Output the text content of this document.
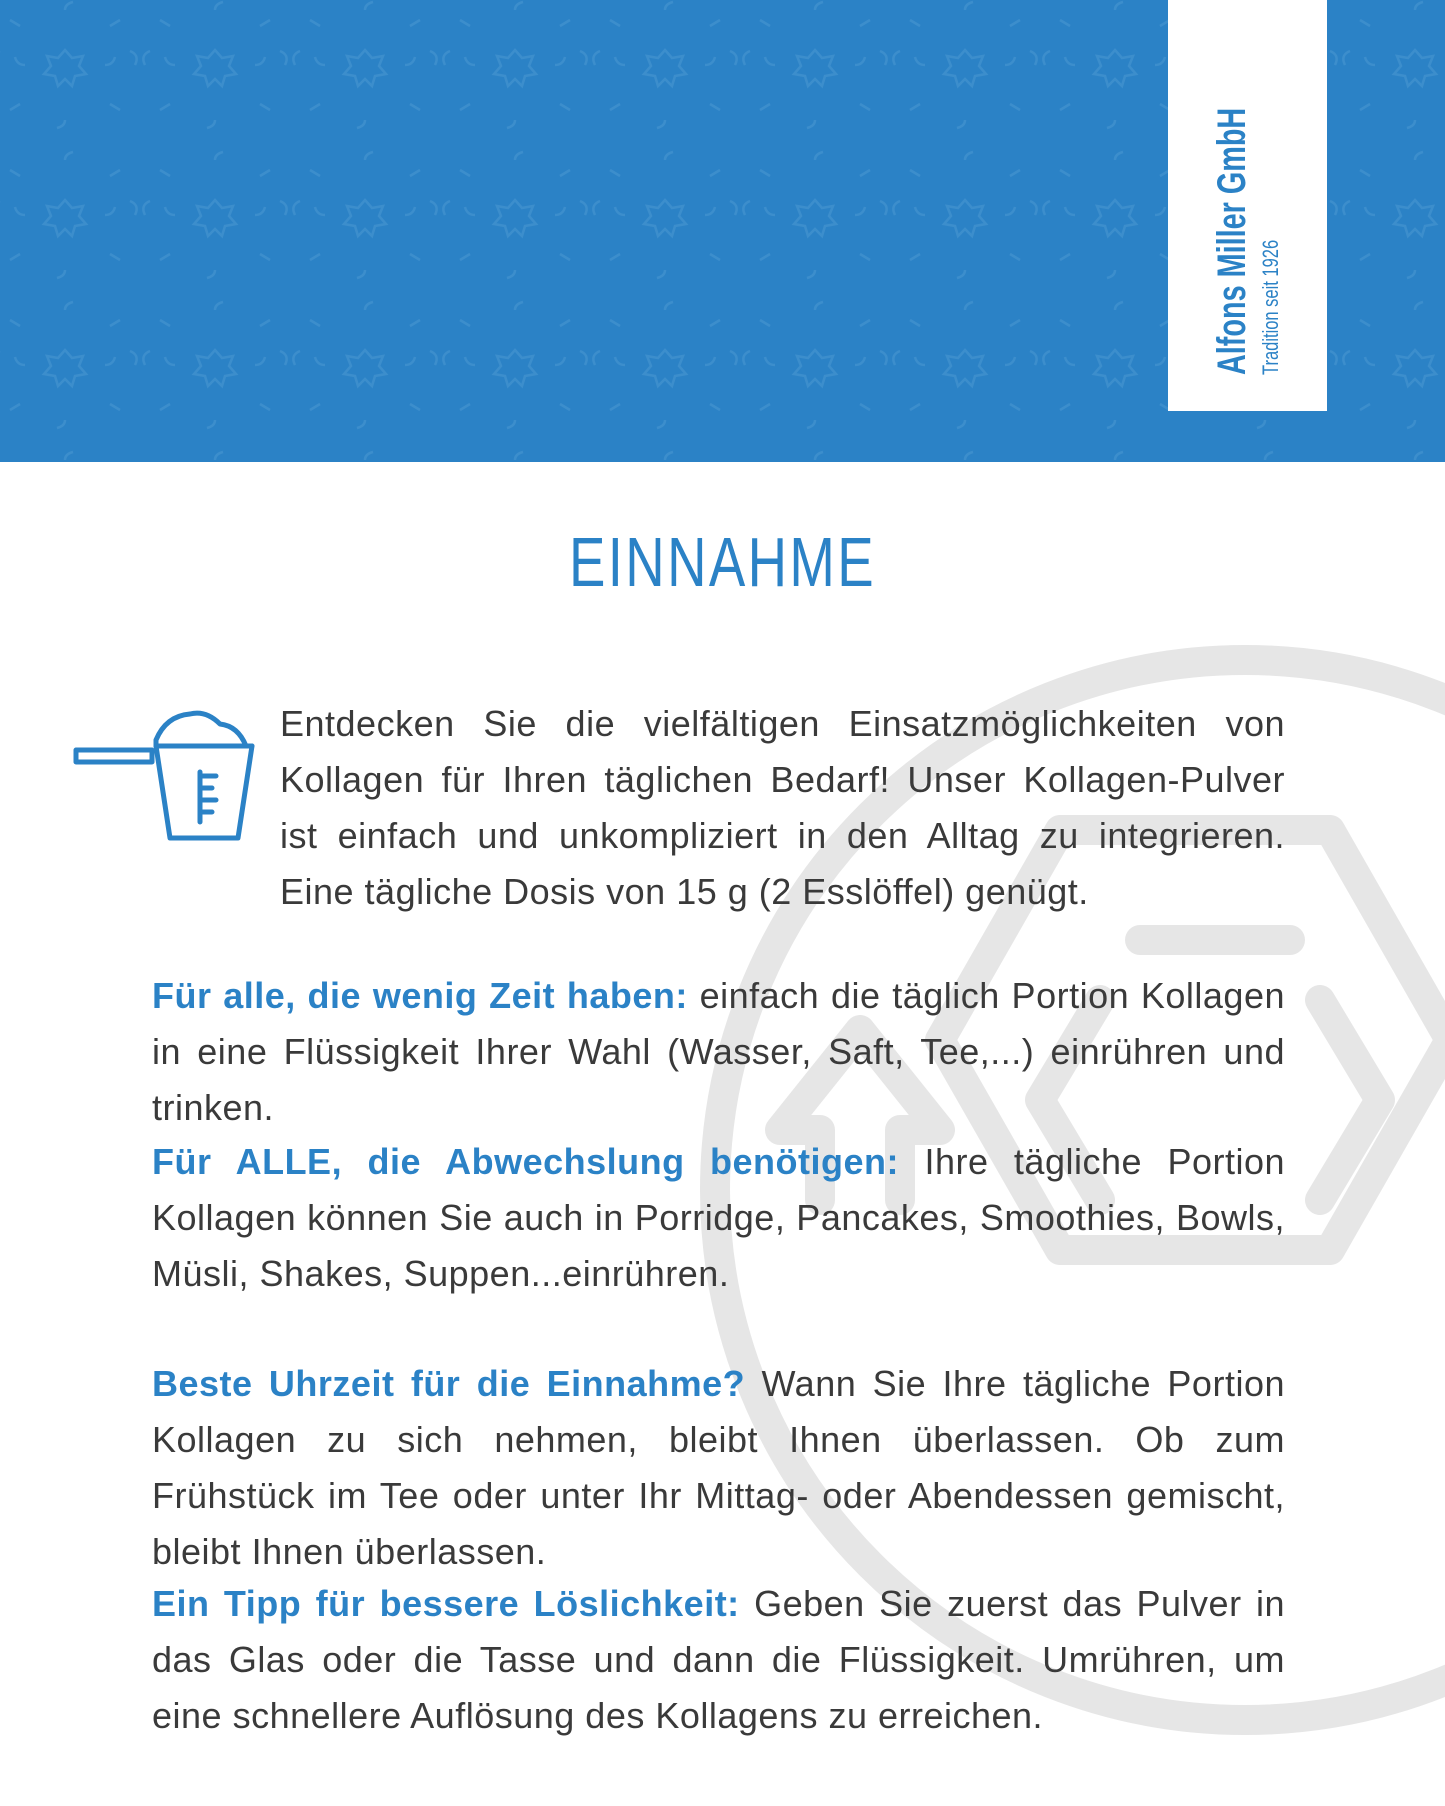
Alfons Miller GmbH Tradition seit 1926
EINNAHME

Entdecken Sie die vielfältigen Einsatzmöglichkeiten von Kollagen für Ihren täglichen Bedarf! Unser Kollagen-Pulver ist einfach und unkompliziert in den Alltag zu integrieren. Eine tägliche Dosis von 15 g (2 Esslöffel) genügt.

Für alle, die wenig Zeit haben: einfach die täglich Portion Kollagen in eine Flüssigkeit Ihrer Wahl (Wasser, Saft, Tee,...) einrühren und trinken.

Für ALLE, die Abwechslung benötigen: Ihre tägliche Portion Kollagen können Sie auch in Porridge, Pancakes, Smoothies, Bowls, Müsli, Shakes, Suppen...einrühren.

Beste Uhrzeit für die Einnahme? Wann Sie Ihre tägliche Portion Kollagen zu sich nehmen, bleibt Ihnen überlassen. Ob zum Frühstück im Tee oder unter Ihr Mittag- oder Abendessen gemischt, bleibt Ihnen überlassen.

Ein Tipp für bessere Löslichkeit: Geben Sie zuerst das Pulver in das Glas oder die Tasse und dann die Flüssigkeit. Umrühren, um eine schnellere Auflösung des Kollagens zu erreichen.
